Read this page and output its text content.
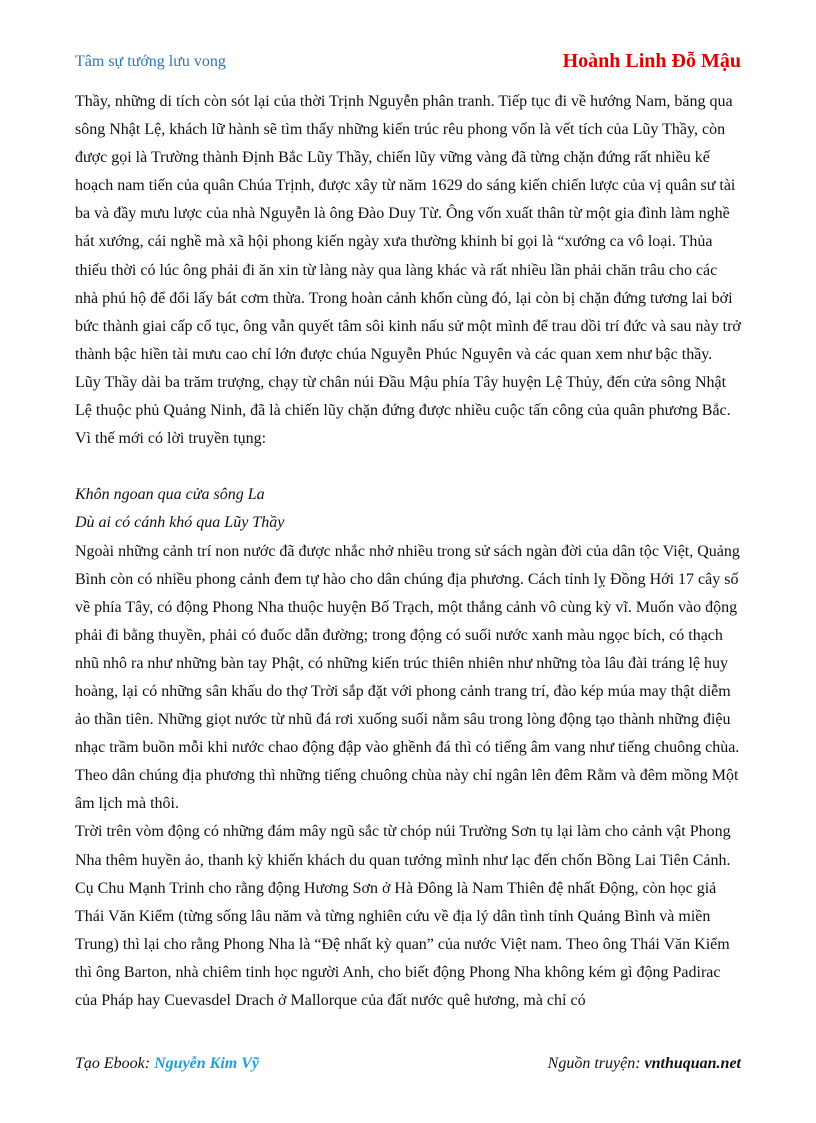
Tâm sự tướng lưu vong	Hoành Linh Đỗ Mậu

Thầy, những di tích còn sót lại của thời Trịnh Nguyễn phân tranh. Tiếp tục đi về hướng Nam, băng qua sông Nhật Lệ, khách lữ hành sẽ tìm thấy những kiến trúc rêu phong vốn là vết tích của Lũy Thầy, còn được gọi là Trường thành Định Bắc Lũy Thầy, chiến lũy vững vàng đã từng chặn đứng rất nhiều kế hoạch nam tiến của quân Chúa Trịnh, được xây từ năm 1629 do sáng kiến chiến lược của vị quân sư tài ba và đầy mưu lược của nhà Nguyễn là ông Đào Duy Từ. Ông vốn xuất thân từ một gia đình làm nghề hát xướng, cái nghề mà xã hội phong kiến ngày xưa thường khinh bỉ gọi là “xướng ca vô loại. Thủa thiếu thời có lúc ông phải đi ăn xin từ làng này qua làng khác và rất nhiều lần phải chăn trâu cho các nhà phú hộ để đổi lấy bát cơm thừa. Trong hoàn cảnh khốn cùng đó, lại còn bị chặn đứng tương lai bởi bức thành giai cấp cổ tục, ông vẫn quyết tâm sôi kinh nấu sử một mình để trau dồi trí đức và sau này trở thành bậc hiền tài mưu cao chí lớn được chúa Nguyễn Phúc Nguyên và các quan xem như bậc thầy.

Lũy Thầy dài ba trăm trượng, chạy từ chân núi Đầu Mậu phía Tây huyện Lệ Thủy, đến cửa sông Nhật Lệ thuộc phủ Quảng Ninh, đã là chiến lũy chặn đứng được nhiều cuộc tấn công của quân phương Bắc. Vì thế mới có lời truyền tụng:

Khôn ngoan qua cửa sông La

Dù ai có cánh khó qua Lũy Thầy

Ngoài những cảnh trí non nước đã được nhắc nhở nhiều trong sử sách ngàn đời của dân tộc Việt, Quảng Bình còn có nhiều phong cảnh đem tự hào cho dân chúng địa phương. Cách tỉnh lỵ Đồng Hới 17 cây số về phía Tây, có động Phong Nha thuộc huyện Bố Trạch, một thắng cảnh vô cùng kỳ vĩ. Muốn vào động phải đi bằng thuyền, phải có đuốc dẫn đường; trong động có suối nước xanh màu ngọc bích, có thạch nhũ nhô ra như những bàn tay Phật, có những kiến trúc thiên nhiên như những tòa lâu đài tráng lệ huy hoàng, lại có những sân khấu do thợ Trời sắp đặt với phong cảnh trang trí, đào kép múa may thật diễm ảo thần tiên. Những giọt nước từ nhũ đá rơi xuống suối nằm sâu trong lòng động tạo thành những điệu nhạc trầm buồn mỗi khi nước chao động đập vào ghềnh đá thì có tiếng âm vang như tiếng chuông chùa. Theo dân chúng địa phương thì những tiếng chuông chùa này chỉ ngân lên đêm Rằm và đêm mồng Một âm lịch mà thôi.

Trời trên vòm động có những đám mây ngũ sắc từ chóp núi Trường Sơn tụ lại làm cho cảnh vật Phong Nha thêm huyền ảo, thanh kỳ khiến khách du quan tưởng mình như lạc đến chốn Bồng Lai Tiên Cảnh. Cụ Chu Mạnh Trinh cho rằng động Hương Sơn ở Hà Đông là Nam Thiên đệ nhất Động, còn học giả Thái Văn Kiểm (từng sống lâu năm và từng nghiên cứu về địa lý dân tình tỉnh Quảng Bình và miền Trung) thì lại cho rằng Phong Nha là “Đệ nhất kỳ quan” của nước Việt nam. Theo ông Thái Văn Kiểm thì ông Barton, nhà chiêm tinh học người Anh, cho biết động Phong Nha không kém gì động Padirac của Pháp hay Cuevasdel Drach ở Mallorque của đất nước quê hương, mà chỉ có

Tạo Ebook: Nguyễn Kim Vỹ	Nguồn truyện: vnthuquan.net
